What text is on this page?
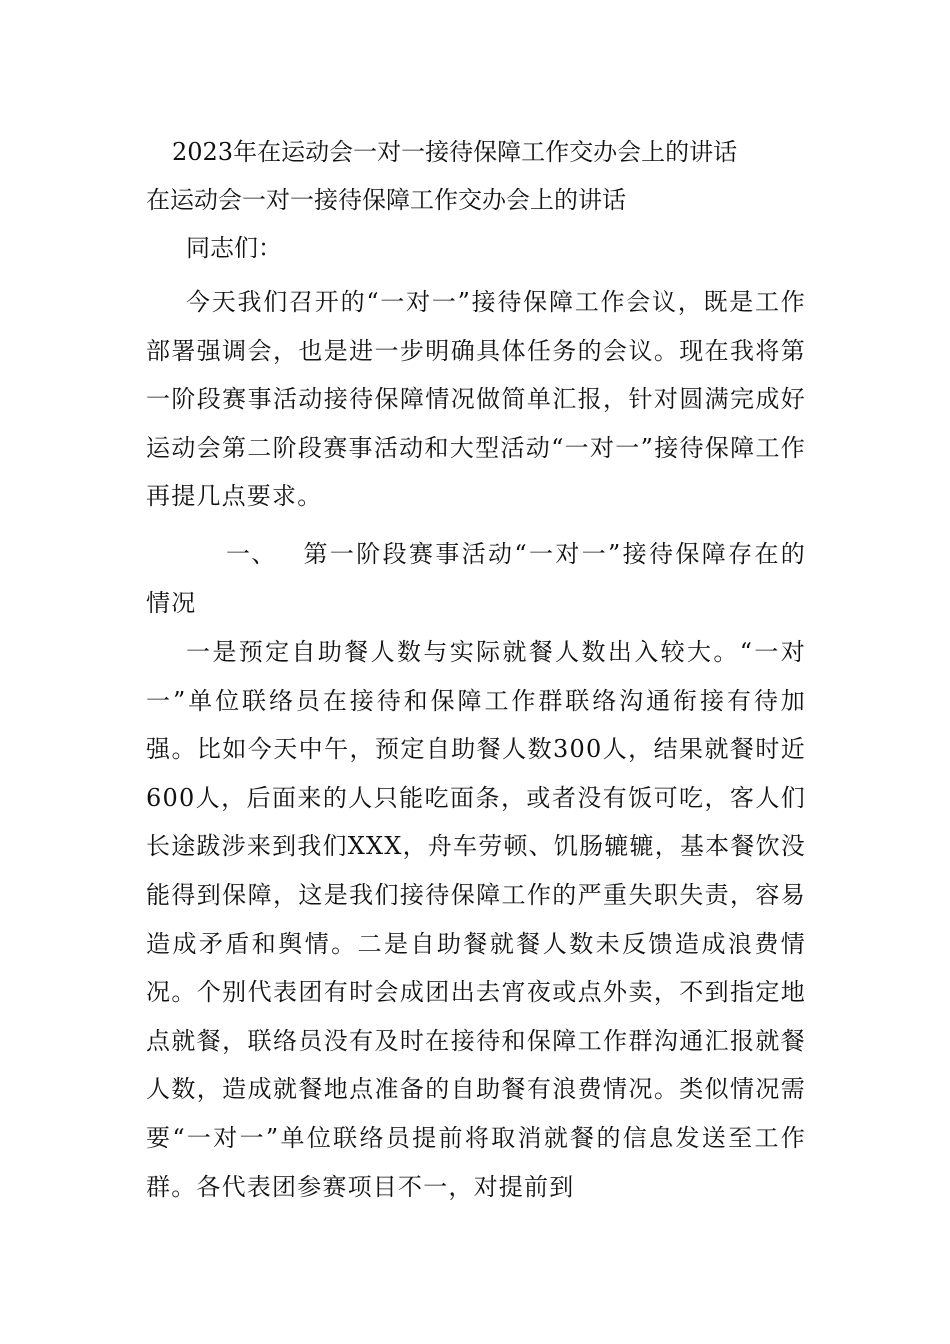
2023年在运动会一对一接待保障工作交办会上的讲话
在运动会一对一接待保障工作交办会上的讲话
同志们：

今天我们召开的“一对一”接待保障工作会议，既是工作部署强调会，也是进一步明确具体任务的会议。现在我将第一阶段赛事活动接待保障情况做简单汇报，针对圆满完成好运动会第二阶段赛事活动和大型活动“一对一”接待保障工作再提几点要求。

一、 第一阶段赛事活动“一对一”接待保障存在的情况

一是预定自助餐人数与实际就餐人数出入较大。“一对一”单位联络员在接待和保障工作群联络沟通衔接有待加强。比如今天中午，预定自助餐人数300人，结果就餐时近600人，后面来的人只能吃面条，或者没有饭可吃，客人们长途跋涉来到我们XXX，舟车劳顿、饥肠辘辘，基本餐饮没能得到保障，这是我们接待保障工作的严重失职失责，容易造成矛盾和舆情。二是自助餐就餐人数未反馈造成浪费情况。个别代表团有时会成团出去宵夜或点外卖，不到指定地点就餐，联络员没有及时在接待和保障工作群沟通汇报就餐人数，造成就餐地点准备的自助餐有浪费情况。类似情况需要“一对一”单位联络员提前将取消就餐的信息发送至工作群。各代表团参赛项目不一，对提前到
